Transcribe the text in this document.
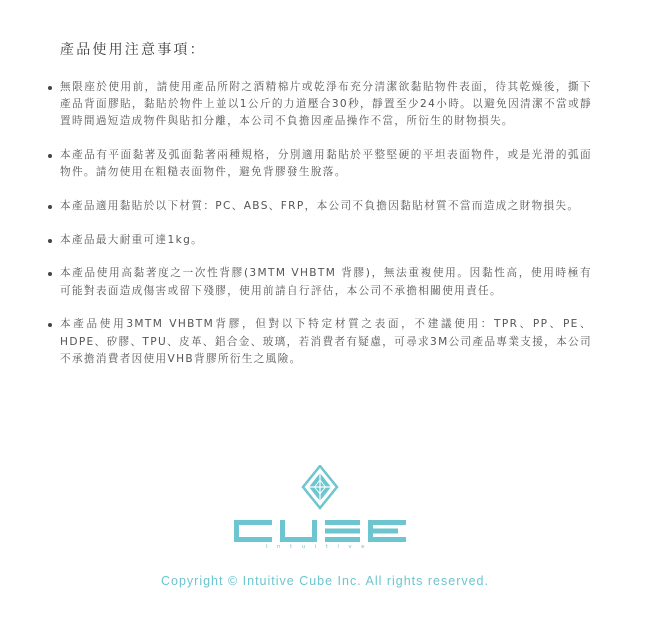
產品使用注意事項：
無限座於使用前，請使用產品所附之酒精棉片或乾淨布充分清潔欲黏貼物件表面，待其乾燥後，撕下產品背面膠貼，黏貼於物件上並以1公斤的力道壓合30秒，靜置至少24小時。以避免因清潔不當或靜置時間過短造成物件與貼扣分離，本公司不負擔因產品操作不當，所衍生的財物損失。
本產品有平面黏著及弧面黏著兩種規格，分別適用黏貼於平整堅硬的平坦表面物件，或是光滑的弧面物件。請勿使用在粗糙表面物件，避免背膠發生脫落。
本產品適用黏貼於以下材質：PC、ABS、FRP，本公司不負擔因黏貼材質不當而造成之財物損失。
本產品最大耐重可達1kg。
本產品使用高黏著度之一次性背膠(3MTM VHBTM 背膠)，無法重複使用。因黏性高，使用時極有可能對表面造成傷害或留下殘膠，使用前請自行評估，本公司不承擔相關使用責任。
本產品使用3MTM VHBTM背膠，但對以下特定材質之表面，不建議使用：TPR、PP、PE、HDPE、矽膠、TPU、皮革、鋁合金、玻璃，若消費者有疑慮，可尋求3M公司產品專業支援，本公司不承擔消費者因使用VHB背膠所衍生之風險。
Intuitive
Copyright © Intuitive Cube Inc. All rights reserved.
